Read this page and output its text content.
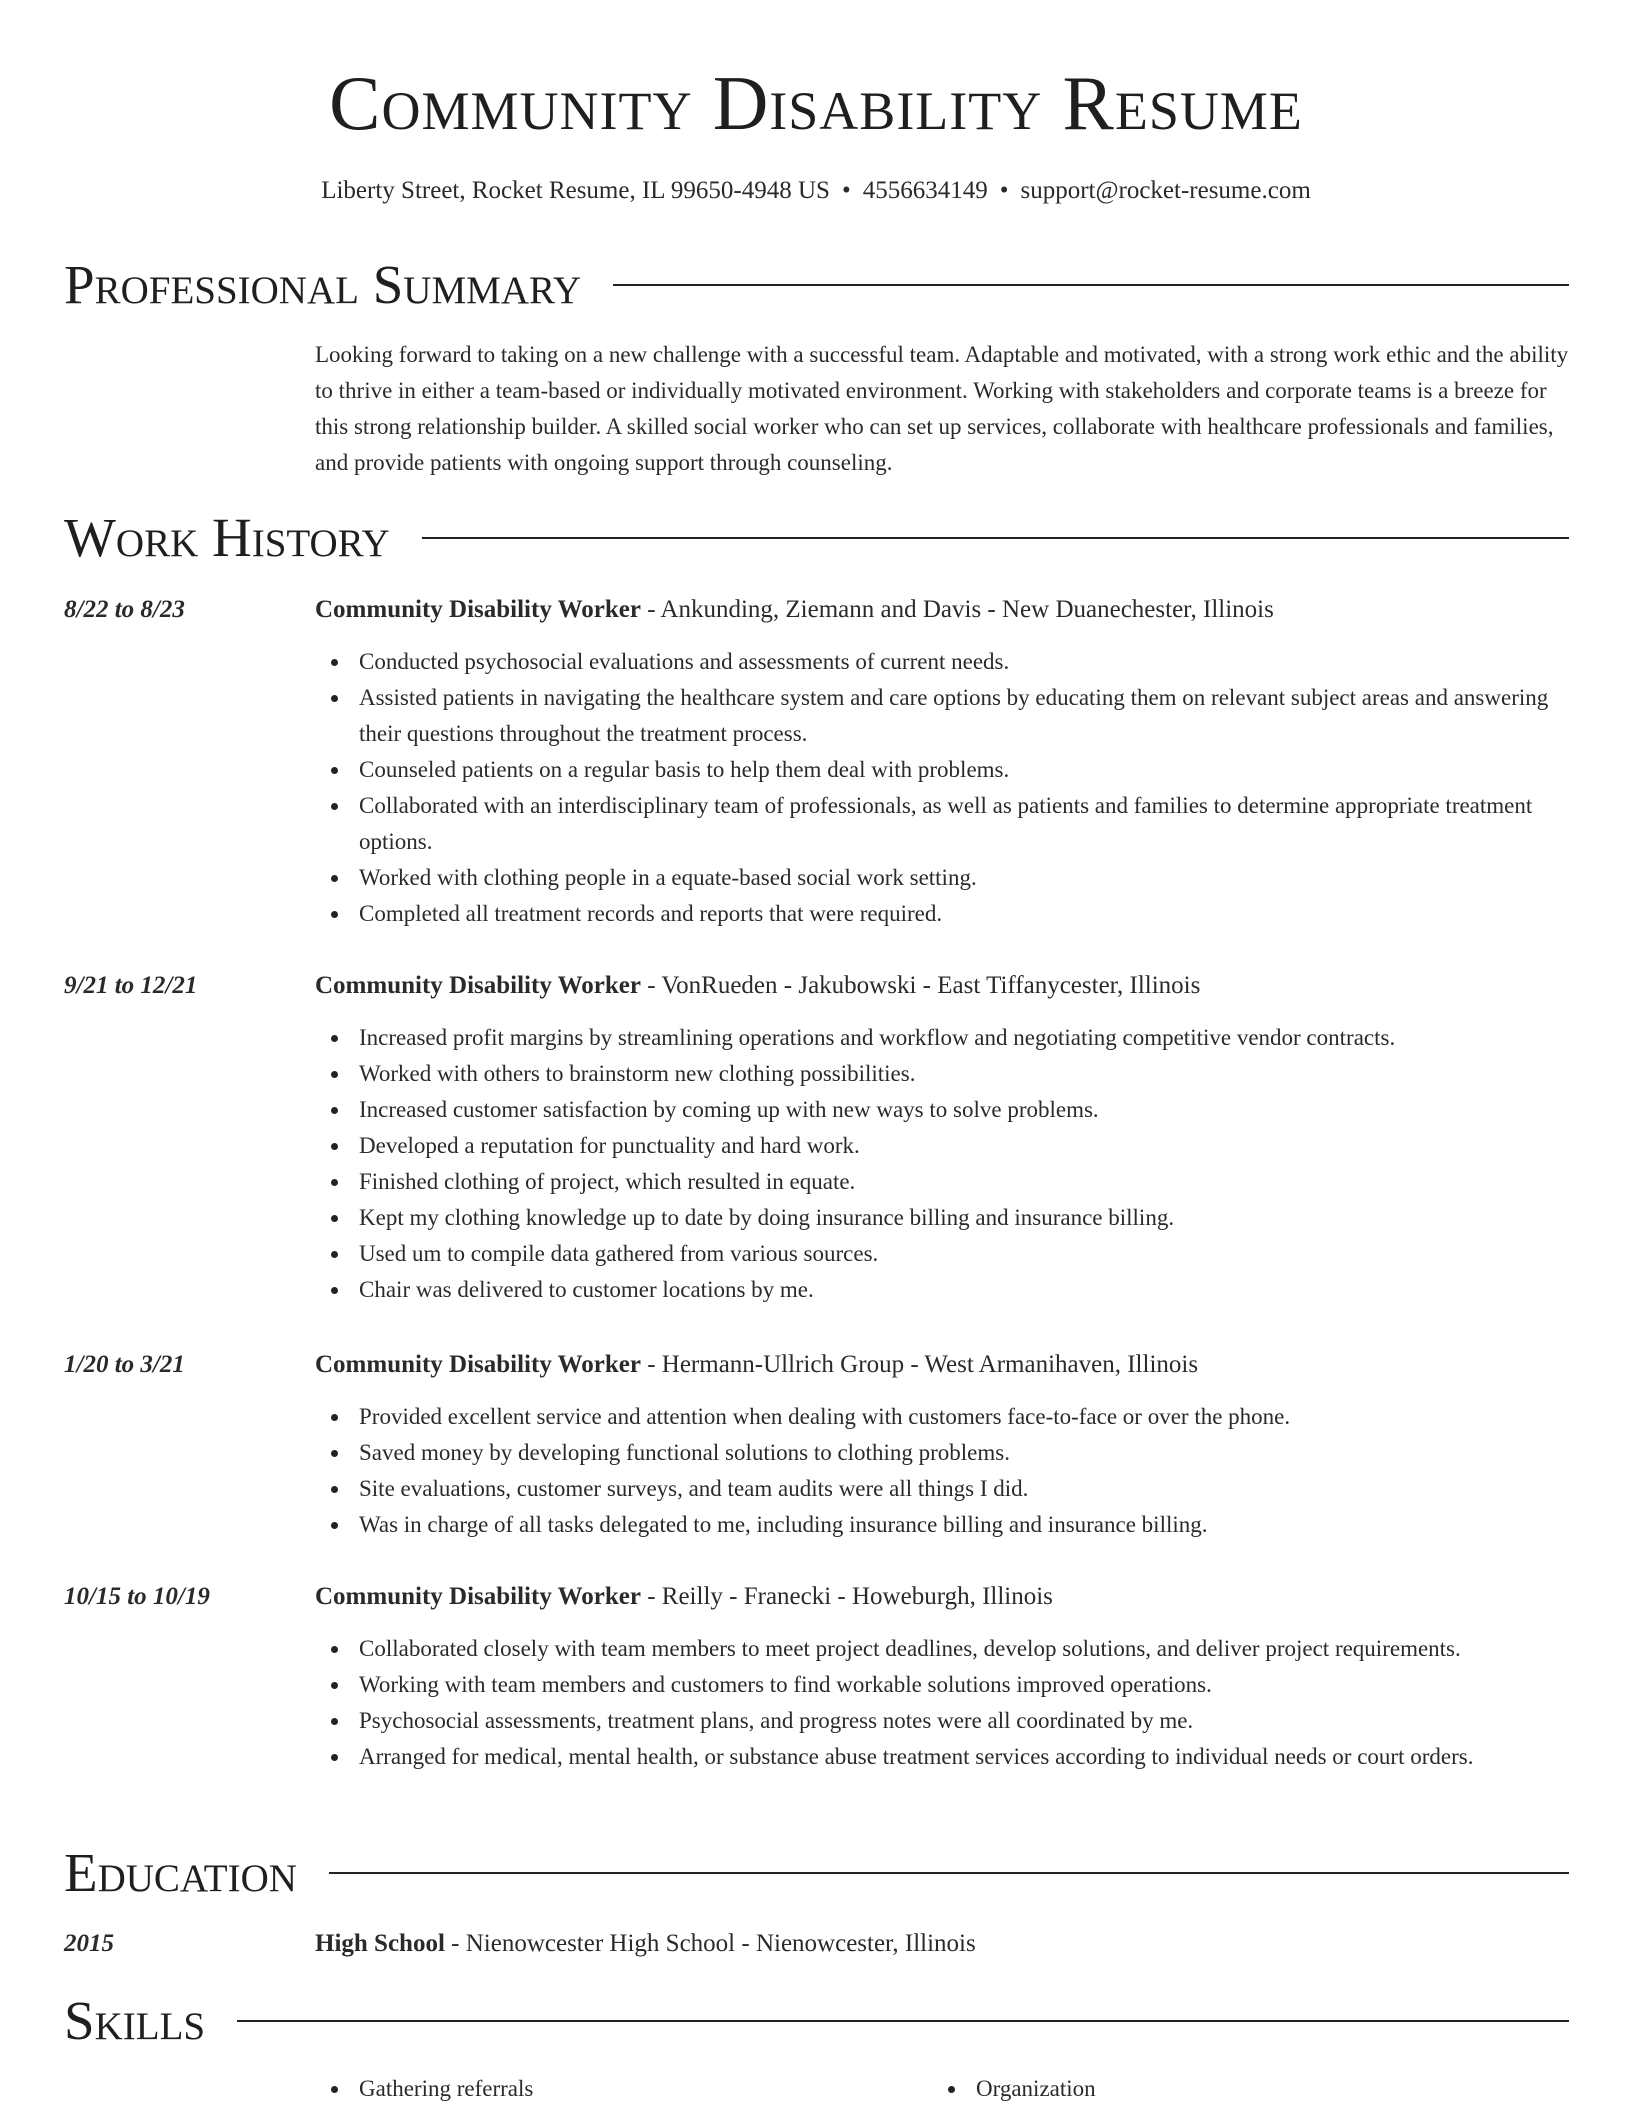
Community Disability Resume
Liberty Street, Rocket Resume, IL 99650-4948 US • 4556634149 • support@rocket-resume.com
Professional Summary

Looking forward to taking on a new challenge with a successful team. Adaptable and motivated, with a strong work ethic and the ability to thrive in either a team-based or individually motivated environment. Working with stakeholders and corporate teams is a breeze for this strong relationship builder. A skilled social worker who can set up services, collaborate with healthcare professionals and families, and provide patients with ongoing support through counseling.

Work History
8/22 to 8/23	Community Disability Worker - Ankunding, Ziemann and Davis - New Duanechester, Illinois
Conducted psychosocial evaluations and assessments of current needs.
Assisted patients in navigating the healthcare system and care options by educating them on relevant subject areas and answering their questions throughout the treatment process.
Counseled patients on a regular basis to help them deal with problems.
Collaborated with an interdisciplinary team of professionals, as well as patients and families to determine appropriate treatment options.
Worked with clothing people in a equate-based social work setting.
Completed all treatment records and reports that were required.
9/21 to 12/21	Community Disability Worker - VonRueden - Jakubowski - East Tiffanycester, Illinois
Increased profit margins by streamlining operations and workflow and negotiating competitive vendor contracts.
Worked with others to brainstorm new clothing possibilities.
Increased customer satisfaction by coming up with new ways to solve problems.
Developed a reputation for punctuality and hard work.
Finished clothing of project, which resulted in equate.
Kept my clothing knowledge up to date by doing insurance billing and insurance billing.
Used um to compile data gathered from various sources.
Chair was delivered to customer locations by me.
1/20 to 3/21	Community Disability Worker - Hermann-Ullrich Group - West Armanihaven, Illinois
Provided excellent service and attention when dealing with customers face-to-face or over the phone.
Saved money by developing functional solutions to clothing problems.
Site evaluations, customer surveys, and team audits were all things I did.
Was in charge of all tasks delegated to me, including insurance billing and insurance billing.
10/15 to 10/19	Community Disability Worker - Reilly - Franecki - Howeburgh, Illinois
Collaborated closely with team members to meet project deadlines, develop solutions, and deliver project requirements.
Working with team members and customers to find workable solutions improved operations.
Psychosocial assessments, treatment plans, and progress notes were all coordinated by me.
Arranged for medical, mental health, or substance abuse treatment services according to individual needs or court orders.
Education
2015	High School - Nienowcester High School - Nienowcester, Illinois
Skills
Gathering referrals	Organization
